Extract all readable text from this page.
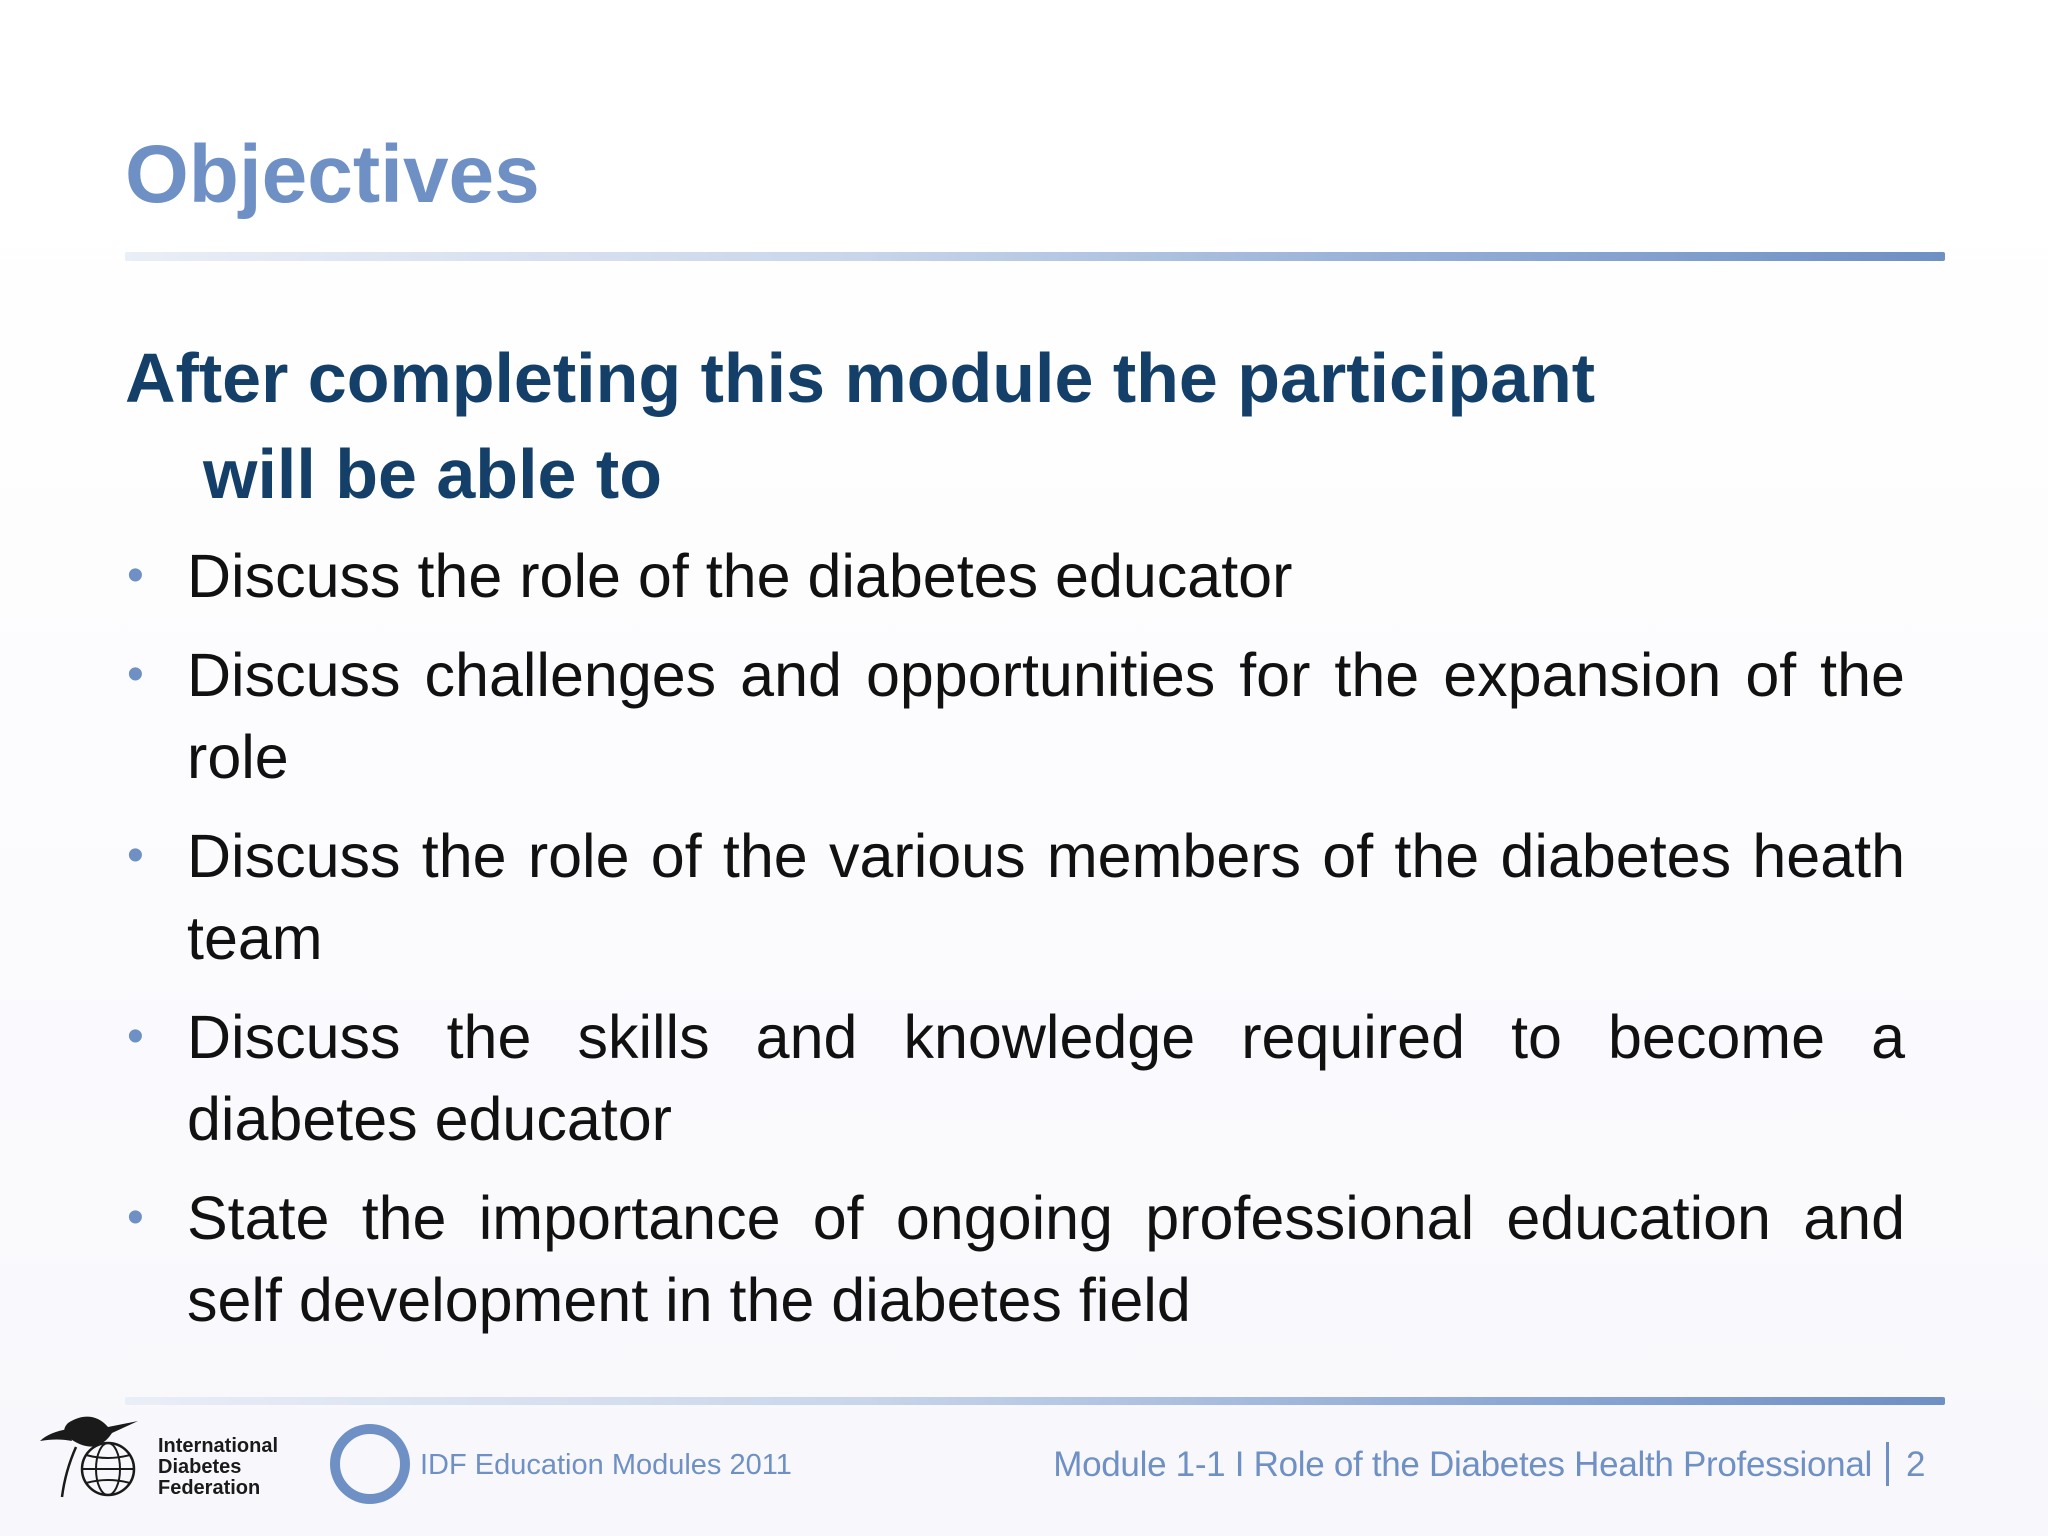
Objectives
After completing this module the participant
will be able to
• Discuss the role of the diabetes educator
• Discuss challenges and opportunities for the expansion of the role
• Discuss the role of the various members of the diabetes heath team
• Discuss the skills and knowledge required to become a diabetes educator
• State the importance of ongoing professional education and self development in the diabetes field
International
Diabetes
Federation
IDF Education Modules 2011	Module 1-1 I Role of the Diabetes Health Professional 2
